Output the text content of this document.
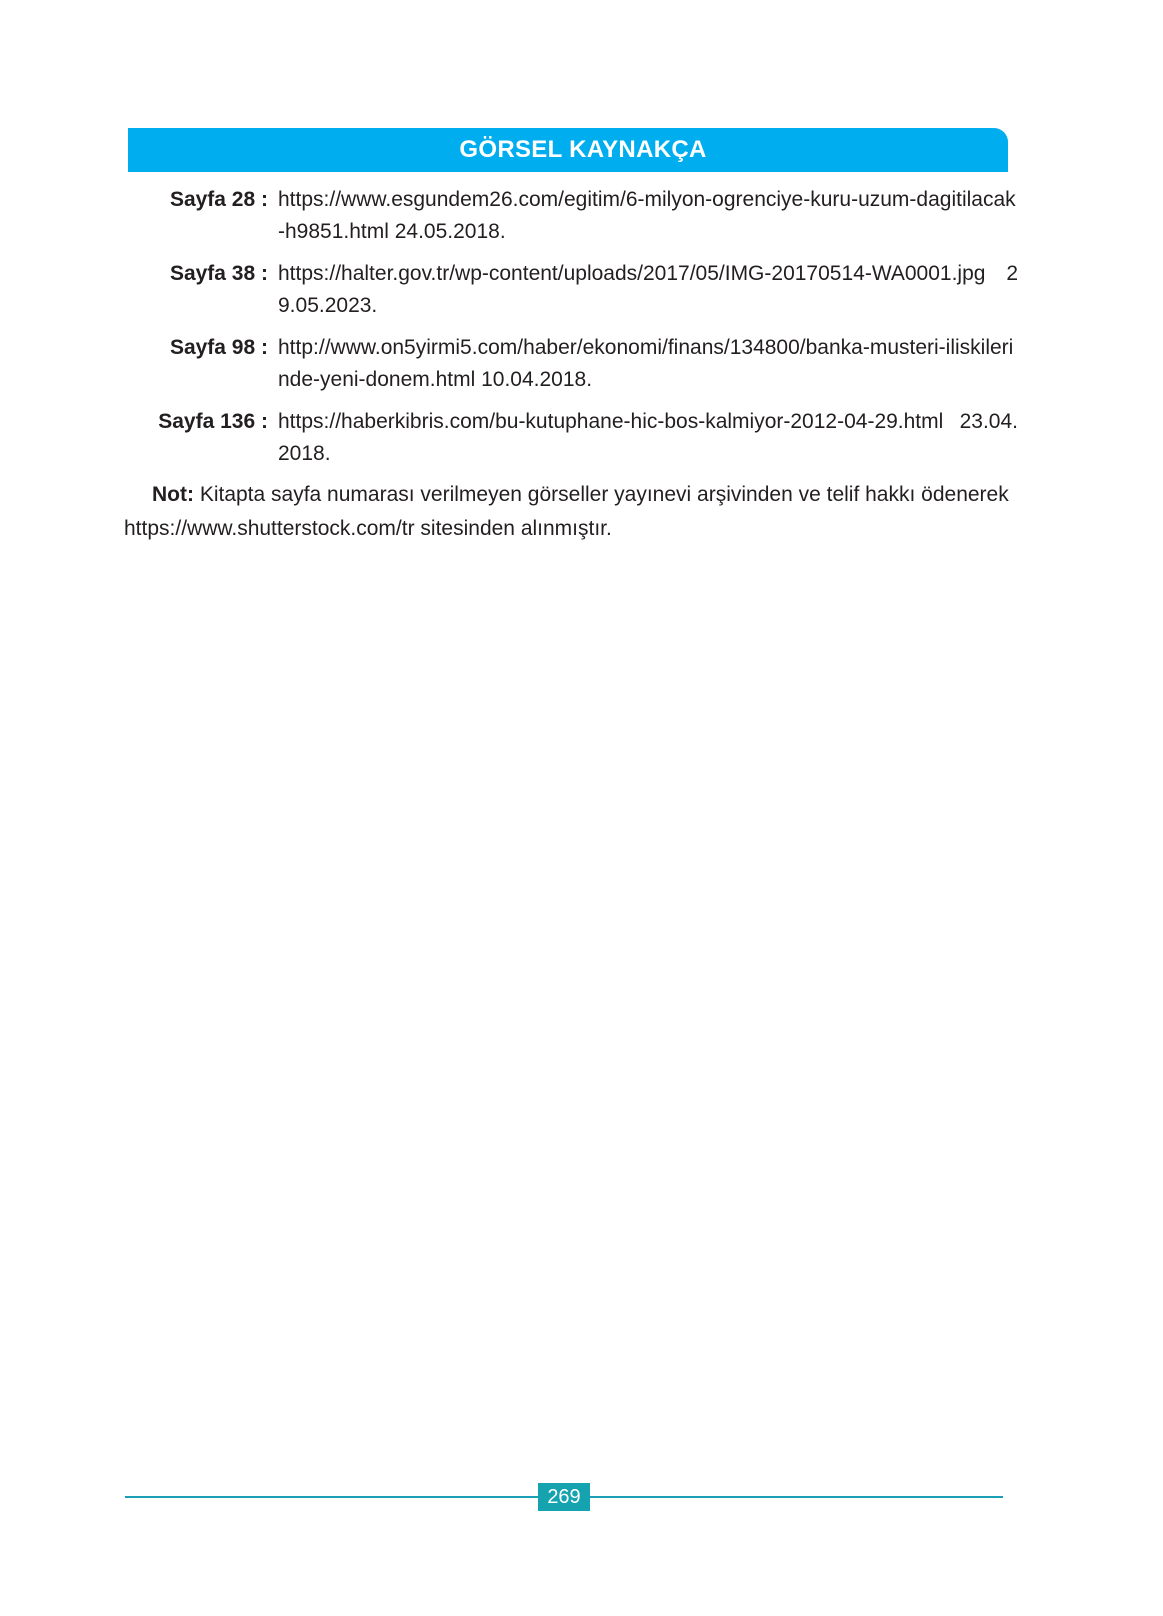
GÖRSEL KAYNAKÇA
Sayfa 28 : https://www.esgundem26.com/egitim/6-milyon-ogrenciye-kuru-uzum-dagitilacak-h9851.html 24.05.2018.
Sayfa 38 : https://halter.gov.tr/wp-content/uploads/2017/05/IMG-20170514-WA0001.jpg 29.05.2023.
Sayfa 98 : http://www.on5yirmi5.com/haber/ekonomi/finans/134800/banka-musteri-iliskilerinde-yeni-donem.html 10.04.2018.
Sayfa 136 : https://haberkibris.com/bu-kutuphane-hic-bos-kalmiyor-2012-04-29.html 23.04.2018.
Not: Kitapta sayfa numarası verilmeyen görseller yayınevi arşivinden ve telif hakkı ödenerek https://www.shutterstock.com/tr sitesinden alınmıştır.
269
